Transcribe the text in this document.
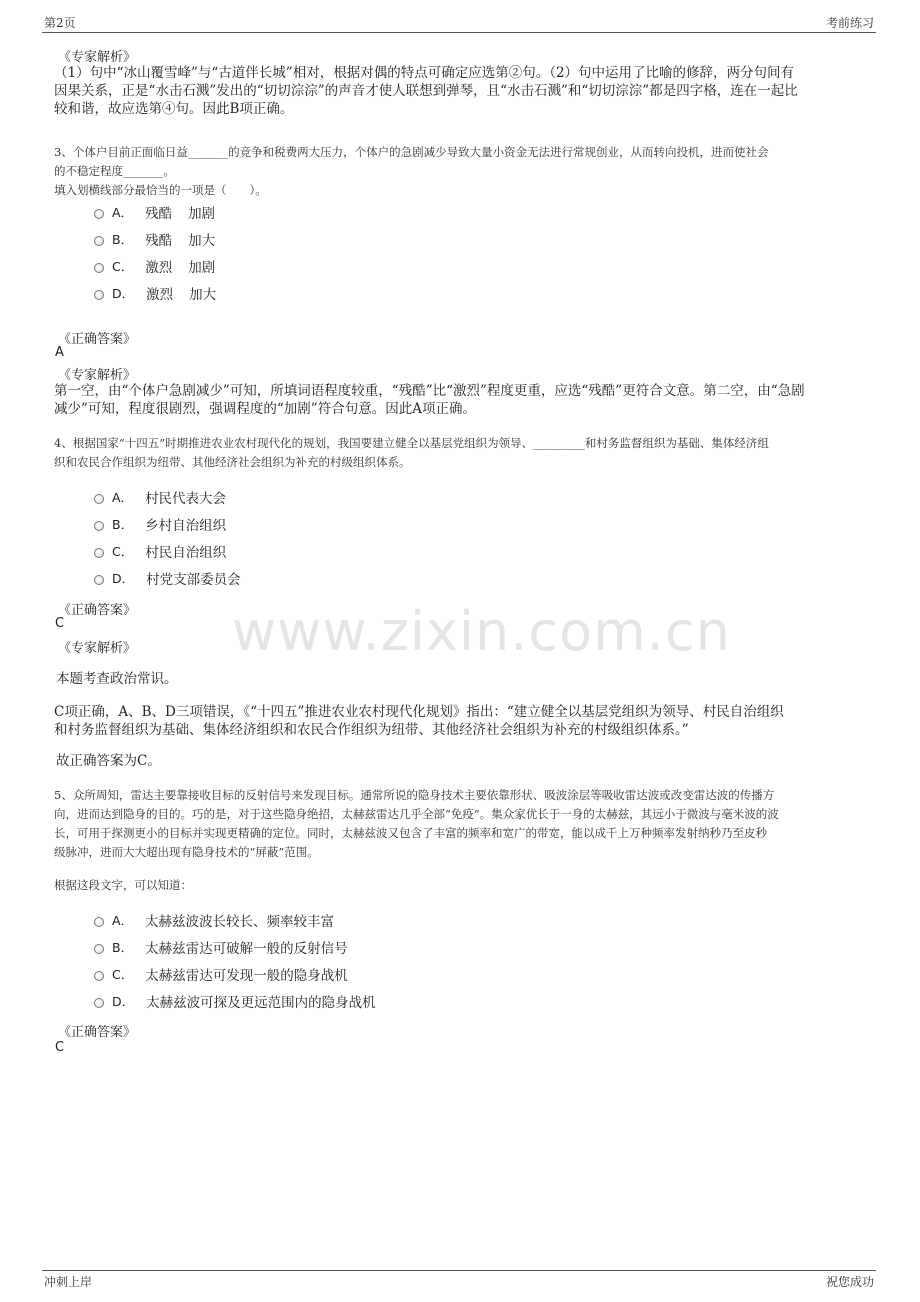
第2页	考前练习
www.zixin.com.cn
《专家解析》
（1）句中“冰山覆雪峰”与“古道伴长城”相对，根据对偶的特点可确定应选第②句。（2）句中运用了比喻的修辞，两分句间有
因果关系，正是“水击石溅”发出的“切切淙淙”的声音才使人联想到弹琴，且“水击石溅”和“切切淙淙”都是四字格，连在一起比
较和谐，故应选第④句。因此B项正确。
3、个体户目前正面临日益_______的竞争和税费两大压力，个体户的急剧减少导致大量小资金无法进行常规创业，从而转向投机，进而使社会
的不稳定程度_______。
填入划横线部分最恰当的一项是（　　）。
A． 残酷 加剧
B． 残酷 加大
C． 激烈 加剧
D． 激烈 加大
《正确答案》
A
《专家解析》
第一空，由“个体户急剧减少”可知，所填词语程度较重，“残酷”比“激烈”程度更重，应选“残酷”更符合文意。第二空，由“急剧
减少”可知，程度很剧烈，强调程度的“加剧”符合句意。因此A项正确。
4、根据国家“十四五”时期推进农业农村现代化的规划，我国要建立健全以基层党组织为领导、_________和村务监督组织为基础、集体经济组
织和农民合作组织为纽带、其他经济社会组织为补充的村级组织体系。
A． 村民代表大会
B． 乡村自治组织
C． 村民自治组织
D． 村党支部委员会
《正确答案》
C
《专家解析》
本题考查政治常识。
C项正确，A、B、D三项错误，《“十四五”推进农业农村现代化规划》指出：“建立健全以基层党组织为领导、村民自治组织
和村务监督组织为基础、集体经济组织和农民合作组织为纽带、其他经济社会组织为补充的村级组织体系。”
故正确答案为C。
5、众所周知，雷达主要靠接收目标的反射信号来发现目标。通常所说的隐身技术主要依靠形状、吸波涂层等吸收雷达波或改变雷达波的传播方
向，进而达到隐身的目的。巧的是，对于这些隐身绝招，太赫兹雷达几乎全部“免疫”。集众家优长于一身的太赫兹，其远小于微波与毫米波的波
长，可用于探测更小的目标并实现更精确的定位。同时，太赫兹波又包含了丰富的频率和宽广的带宽，能以成千上万种频率发射纳秒乃至皮秒
级脉冲，进而大大超出现有隐身技术的“屏蔽”范围。
根据这段文字，可以知道：
A． 太赫兹波波长较长、频率较丰富
B． 太赫兹雷达可破解一般的反射信号
C． 太赫兹雷达可发现一般的隐身战机
D． 太赫兹波可探及更远范围内的隐身战机
《正确答案》
C
冲刺上岸	祝您成功
